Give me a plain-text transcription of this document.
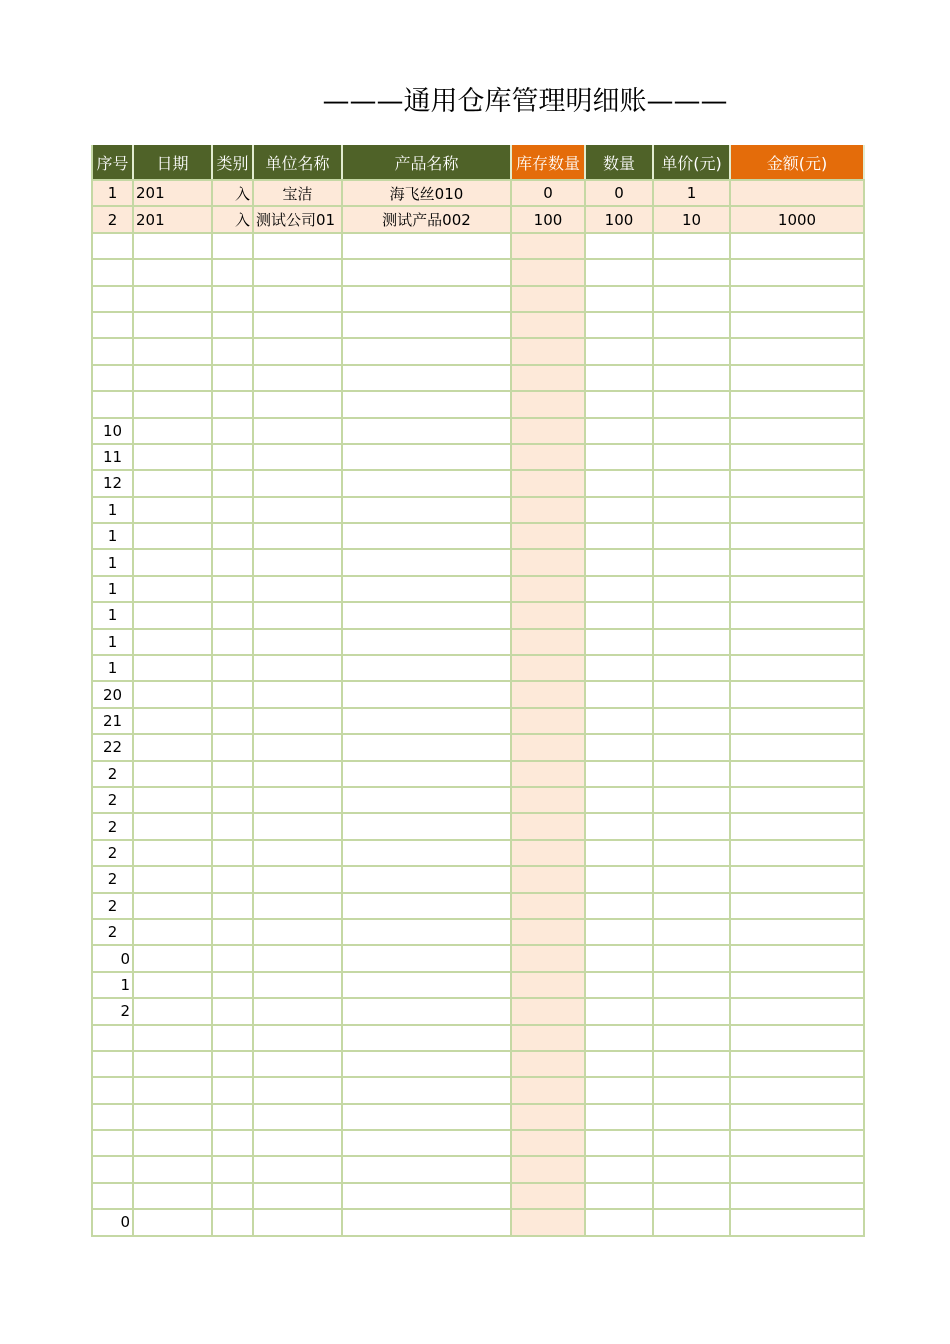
———通用仓库管理明细账———
序号	日期	类别	单位名称	产品名称	库存数量	数量	单价(元)	金额(元)
1	201	入	宝洁	海飞丝010	0	0	1	
2	201	入	测试公司01	测试产品002	100	100	10	1000

10								
11								
12								
1								
1								
1								
1								
1								
1								
1								
20								
21								
22								
2								
2								
2								
2								
2								
2								
2								
0								
1								
2								

0								
